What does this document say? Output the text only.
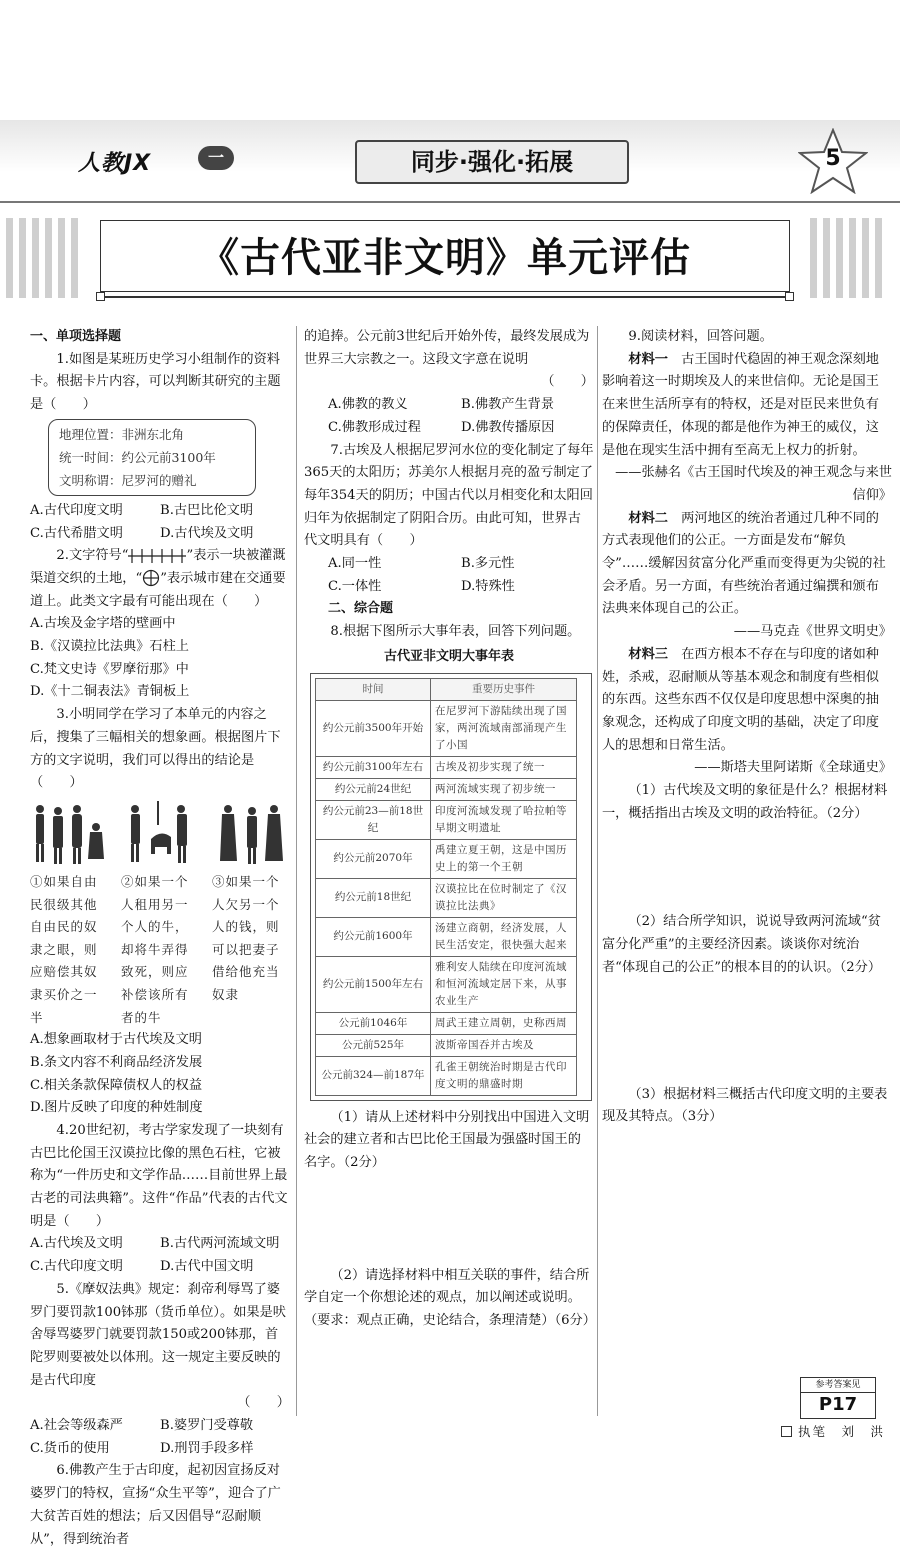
人教JX	一	同步·强化·拓展	5
《古代亚非文明》单元评估

一、单项选择题

1.如图是某班历史学习小组制作的资料卡。根据卡片内容，可以判断其研究的主题是（　　）

地理位置：非洲东北角
统一时间：约公元前3100年
文明称谓：尼罗河的赠礼
A.古代印度文明	B.古巴比伦文明
C.古代希腊文明	D.古代埃及文明

2.文字符号“	”表示一块被灌溉渠道交织的土地，“ ”表示城市建在交通要道上。此类文字最有可能出现在（　　）

A.古埃及金字塔的壁画中
B.《汉谟拉比法典》石柱上
C.梵文史诗《罗摩衍那》中
D.《十二铜表法》青铜板上

3.小明同学在学习了本单元的内容之后，搜集了三幅相关的想象画。根据图片下方的文字说明，我们可以得出的结论是（　　）

①如果自由民很级其他自由民的奴隶之眼，则应赔偿其奴隶买价之一半
②如果一个人租用另一个人的牛，却将牛弄得致死，则应补偿该所有者的牛
③如果一个人欠另一个人的钱，则可以把妻子借给他充当奴隶
A.想象画取材于古代埃及文明
B.条文内容不利商品经济发展
C.相关条款保障债权人的权益
D.图片反映了印度的种姓制度

4.20世纪初，考古学家发现了一块刻有古巴比伦国王汉谟拉比像的黑色石柱，它被称为“一件历史和文学作品……目前世界上最古老的司法典籍”。这件“作品”代表的古代文明是（　　）

A.古代埃及文明	B.古代两河流域文明
C.古代印度文明	D.古代中国文明

5.《摩奴法典》规定：刹帝利辱骂了婆罗门要罚款100钵那（货币单位）。如果是吠舍辱骂婆罗门就要罚款150或200钵那，首陀罗则要被处以体刑。这一规定主要反映的是古代印度

（　　）

A.社会等级森严	B.婆罗门受尊敬
C.货币的使用	D.刑罚手段多样

6.佛教产生于古印度，起初因宣扬反对婆罗门的特权，宣扬“众生平等”，迎合了广大贫苦百姓的想法；后又因倡导“忍耐顺从”，得到统治者

的追捧。公元前3世纪后开始外传，最终发展成为世界三大宗教之一。这段文字意在说明

（　　）

A.佛教的教义	B.佛教产生背景
C.佛教形成过程	D.佛教传播原因

7.古埃及人根据尼罗河水位的变化制定了每年365天的太阳历；苏美尔人根据月亮的盈亏制定了每年354天的阴历；中国古代以月相变化和太阳回归年为依据制定了阴阳合历。由此可知，世界古代文明具有（　　）

A.同一性	B.多元性
C.一体性	D.特殊性

二、综合题

8.根据下图所示大事年表，回答下列问题。

古代亚非文明大事年表
时间	重要历史事件
约公元前3500年开始	在尼罗河下游陆续出现了国家，两河流域南部涌现产生了小国
约公元前3100年左右	古埃及初步实现了统一
约公元前24世纪	两河流域实现了初步统一
约公元前23—前18世纪	印度河流域发现了哈拉帕等早期文明遗址
约公元前2070年	禹建立夏王朝，这是中国历史上的第一个王朝
约公元前18世纪	汉谟拉比在位时制定了《汉谟拉比法典》
约公元前1600年	汤建立商朝，经济发展，人民生活安定，很快强大起来
约公元前1500年左右	雅利安人陆续在印度河流域和恒河流域定居下来，从事农业生产
公元前1046年	周武王建立周朝，史称西周
公元前525年	波斯帝国吞并古埃及
公元前324—前187年	孔雀王朝统治时期是古代印度文明的鼎盛时期

（1）请从上述材料中分别找出中国进入文明社会的建立者和古巴比伦王国最为强盛时国王的名字。（2分）

（2）请选择材料中相互关联的事件，结合所学自定一个你想论述的观点，加以阐述或说明。（要求：观点正确，史论结合，条理清楚）（6分）

9.阅读材料，回答问题。

材料一　 古王国时代稳固的神王观念深刻地影响着这一时期埃及人的来世信仰。无论是国王在来世生活所享有的特权，还是对臣民来世负有的保障责任，体现的都是他作为神王的威仪，这是他在现实生活中拥有至高无上权力的折射。

——张赫名《古王国时代埃及的神王观念与来世信仰》

材料二　 两河地区的统治者通过几种不同的方式表现他们的公正。一方面是发布“解负令”……缓解因贫富分化严重而变得更为尖锐的社会矛盾。另一方面，有些统治者通过编撰和颁布法典来体现自己的公正。

——马克垚《世界文明史》

材料三　 在西方根本不存在与印度的诸如种姓，杀戒，忍耐顺从等基本观念和制度有些相似的东西。这些东西不仅仅是印度思想中深奥的抽象观念，还构成了印度文明的基础，决定了印度人的思想和日常生活。

——斯塔夫里阿诺斯《全球通史》

（1）古代埃及文明的象征是什么？根据材料一，概括指出古埃及文明的政治特征。（2分）

（2）结合所学知识，说说导致两河流域“贫富分化严重”的主要经济因素。谈谈你对统治者“体现自己的公正”的根本目的的认识。（2分）

（3）根据材料三概括古代印度文明的主要表现及其特点。（3分）

参考答案见
P17
执笔　刘　洪
